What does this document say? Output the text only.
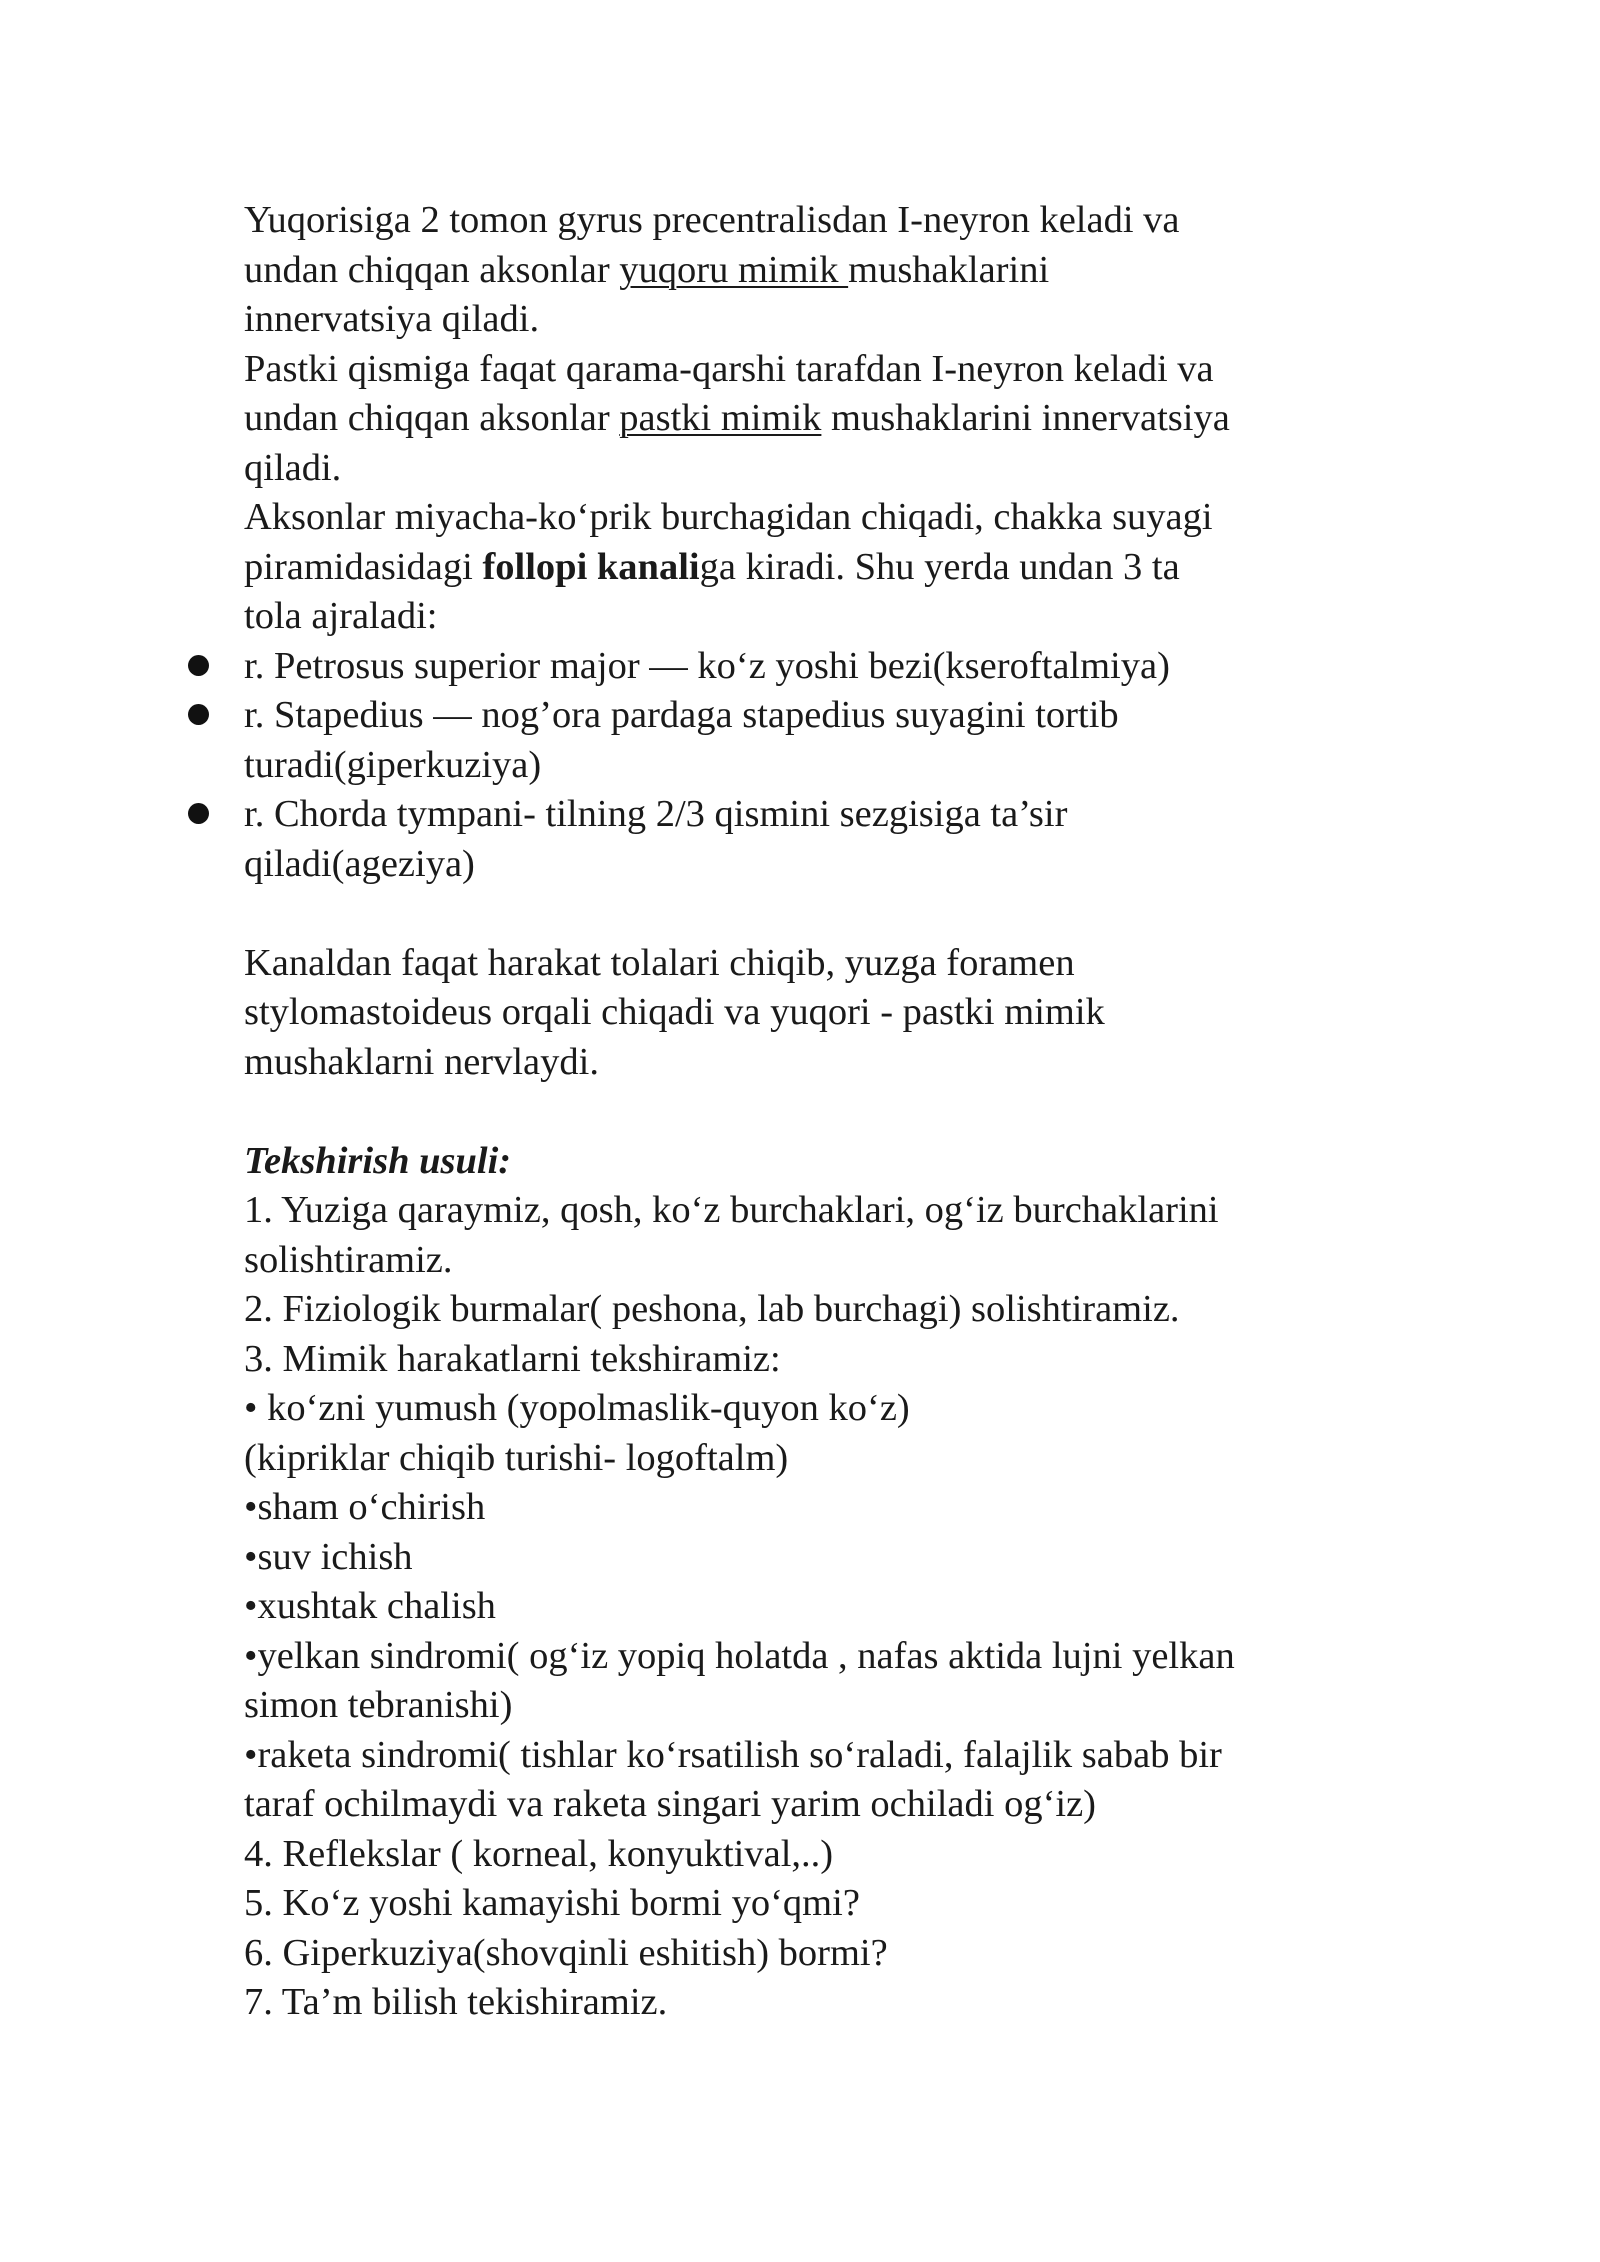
Yuqorisiga 2 tomon gyrus precentralisdan I-neyron keladi va
undan chiqqan aksonlar yuqoru mimik mushaklarini
innervatsiya qiladi.
Pastki qismiga faqat qarama-qarshi tarafdan I-neyron keladi va
undan chiqqan aksonlar pastki mimik mushaklarini innervatsiya
qiladi.
Aksonlar miyacha-ko‘prik burchagidan chiqadi, chakka suyagi
piramidasidagi follopi kanaliga kiradi. Shu yerda undan 3 ta
tola ajraladi:
r. Petrosus superior major — ko‘z yoshi bezi(kseroftalmiya)
r. Stapedius — nog’ora pardaga stapedius suyagini tortib
turadi(giperkuziya)
r. Chorda tympani- tilning 2/3 qismini sezgisiga ta’sir
qiladi(ageziya)
Kanaldan faqat harakat tolalari chiqib, yuzga foramen
stylomastoideus orqali chiqadi va yuqori - pastki mimik
mushaklarni nervlaydi.
Tekshirish usuli:
1. Yuziga qaraymiz, qosh, ko‘z burchaklari, og‘iz burchaklarini
solishtiramiz.
2. Fiziologik burmalar( peshona, lab burchagi) solishtiramiz.
3. Mimik harakatlarni tekshiramiz:
• ko‘zni yumush (yopolmaslik-quyon ko‘z)
(kipriklar chiqib turishi- logoftalm)
•sham o‘chirish
•suv ichish
•xushtak chalish
•yelkan sindromi( og‘iz yopiq holatda , nafas aktida lujni yelkan
simon tebranishi)
•raketa sindromi( tishlar ko‘rsatilish so‘raladi, falajlik sabab bir
taraf ochilmaydi va raketa singari yarim ochiladi og‘iz)
4. Reflekslar ( korneal, konyuktival,..)
5. Ko‘z yoshi kamayishi bormi yo‘qmi?
6. Giperkuziya(shovqinli eshitish) bormi?
7. Ta’m bilish tekishiramiz.
